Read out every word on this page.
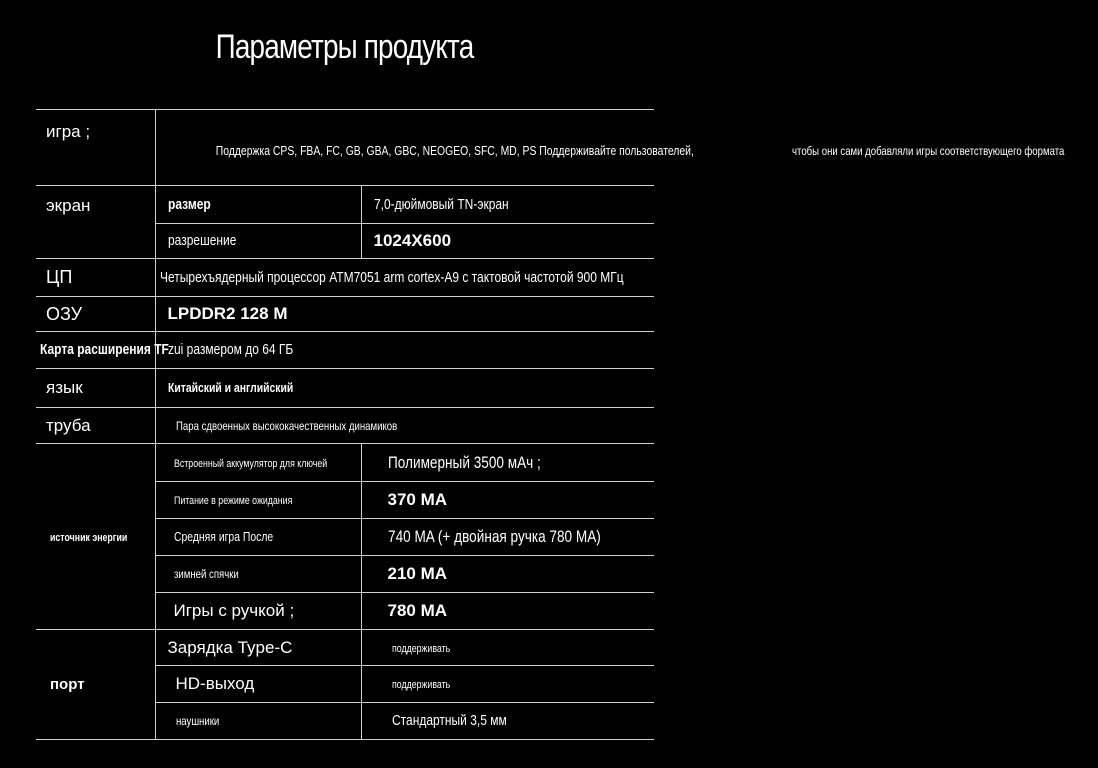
Параметры продукта
игра ;	Поддержка CPS, FBA, FC, GB, GBA, GBC, NEOGEO, SFC, MD, PS Поддерживайте пользователей, чтобы они сами добавляли игры соответствующего формата	
экран	размер	7,0-дюймовый TN-экран
	разрешение	1024X600
ЦП	Четырехъядерный процессор ATM7051 arm cortex-A9 с тактовой частотой 900 МГц	
ОЗУ	LPDDR2 128 M	
Карта расширения TF	zui размером до 64 ГБ	
язык	Китайский и английский	
труба	Пара сдвоенных высококачественных динамиков	
источник энергии	Встроенный аккумулятор для ключей	Полимерный 3500 мАч ;
	Питание в режиме ожидания	370 MA
	Средняя игра После	740 MA (+ двойная ручка 780 MA)
	зимней спячки	210 MA
	Игры с ручкой ;	780 MA
порт	Зарядка Type-C	поддерживать
	HD-выход	поддерживать
	наушники	Стандартный 3,5 мм
